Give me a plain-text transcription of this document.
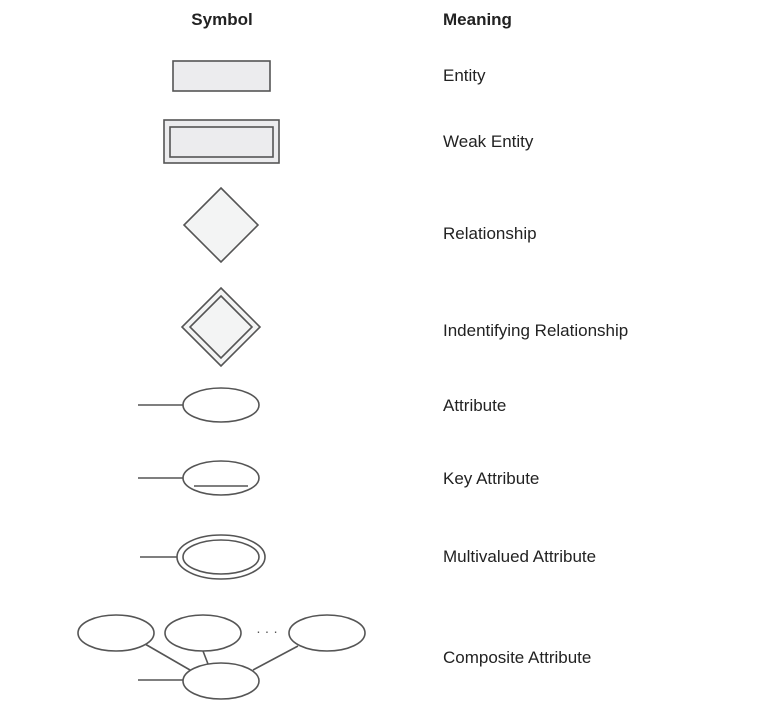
Symbol	Meaning
Entity
Weak Entity
Relationship
Indentifying Relationship
Attribute
Key Attribute
Multivalued Attribute
· · ·
Composite Attribute
